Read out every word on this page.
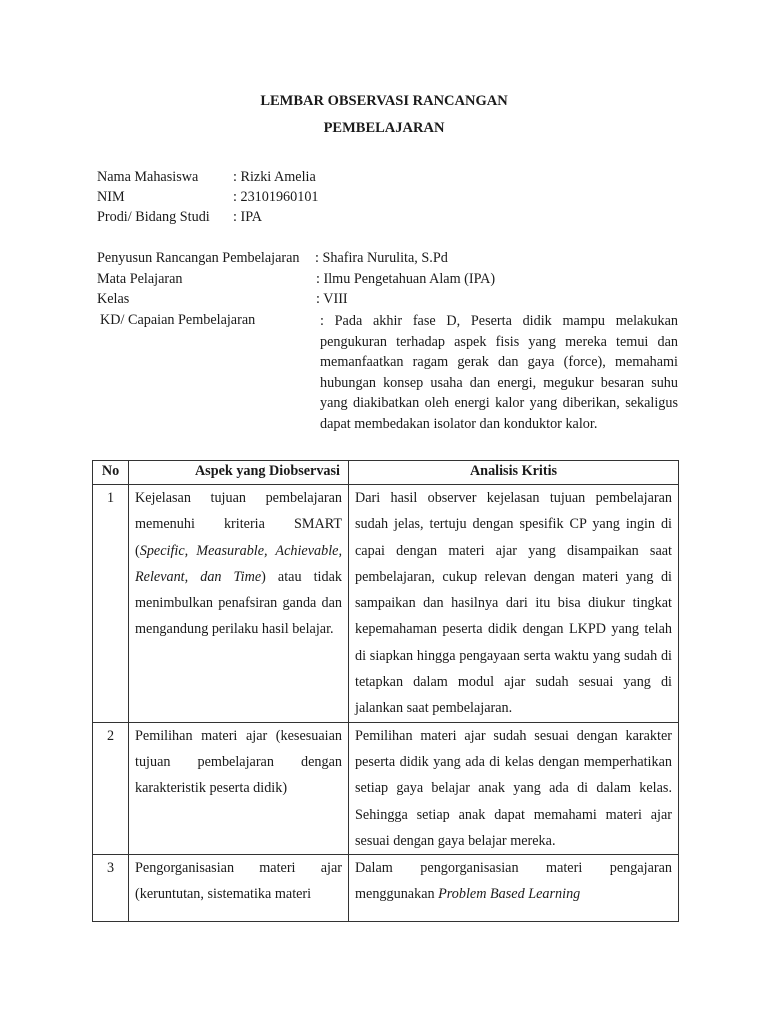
LEMBAR OBSERVASI RANCANGAN
PEMBELAJARAN
Nama Mahasiswa : Rizki Amelia
NIM	: 23101960101
Prodi/ Bidang Studi : IPA
Penyusun Rancangan Pembelajaran : Shafira Nurulita, S.Pd
Mata Pelajaran	: Ilmu Pengetahuan Alam (IPA)
Kelas	: VIII
KD/ Capaian Pembelajaran	: Pada akhir fase D, Peserta didik mampu melakukan pengukuran terhadap aspek fisis yang mereka temui dan memanfaatkan ragam gerak dan gaya (force), memahami hubungan konsep usaha dan energi, megukur besaran suhu yang diakibatkan oleh energi kalor yang diberikan, sekaligus dapat membedakan isolator dan konduktor kalor.
No	Aspek yang Diobservasi	Analisis Kritis
1	Kejelasan tujuan pembelajaran memenuhi kriteria SMART (Specific, Measurable, Achievable, Relevant, dan Time) atau tidak menimbulkan penafsiran ganda dan mengandung perilaku hasil belajar.	Dari hasil observer kejelasan tujuan pembelajaran sudah jelas, tertuju dengan spesifik CP yang ingin di capai dengan materi ajar yang disampaikan saat pembelajaran, cukup relevan dengan materi yang di sampaikan dan hasilnya dari itu bisa diukur tingkat kepemahaman peserta didik dengan LKPD yang telah di siapkan hingga pengayaan serta waktu yang sudah di tetapkan dalam modul ajar sudah sesuai yang di jalankan saat pembelajaran.
2	Pemilihan materi ajar (kesesuaian tujuan pembelajaran dengan karakteristik peserta didik)	Pemilihan materi ajar sudah sesuai dengan karakter peserta didik yang ada di kelas dengan memperhatikan setiap gaya belajar anak yang ada di dalam kelas. Sehingga setiap anak dapat memahami materi ajar sesuai dengan gaya belajar mereka.
3	Pengorganisasian materi ajar (keruntutan, sistematika materi	Dalam pengorganisasian materi pengajaran menggunakan Problem Based Learning
